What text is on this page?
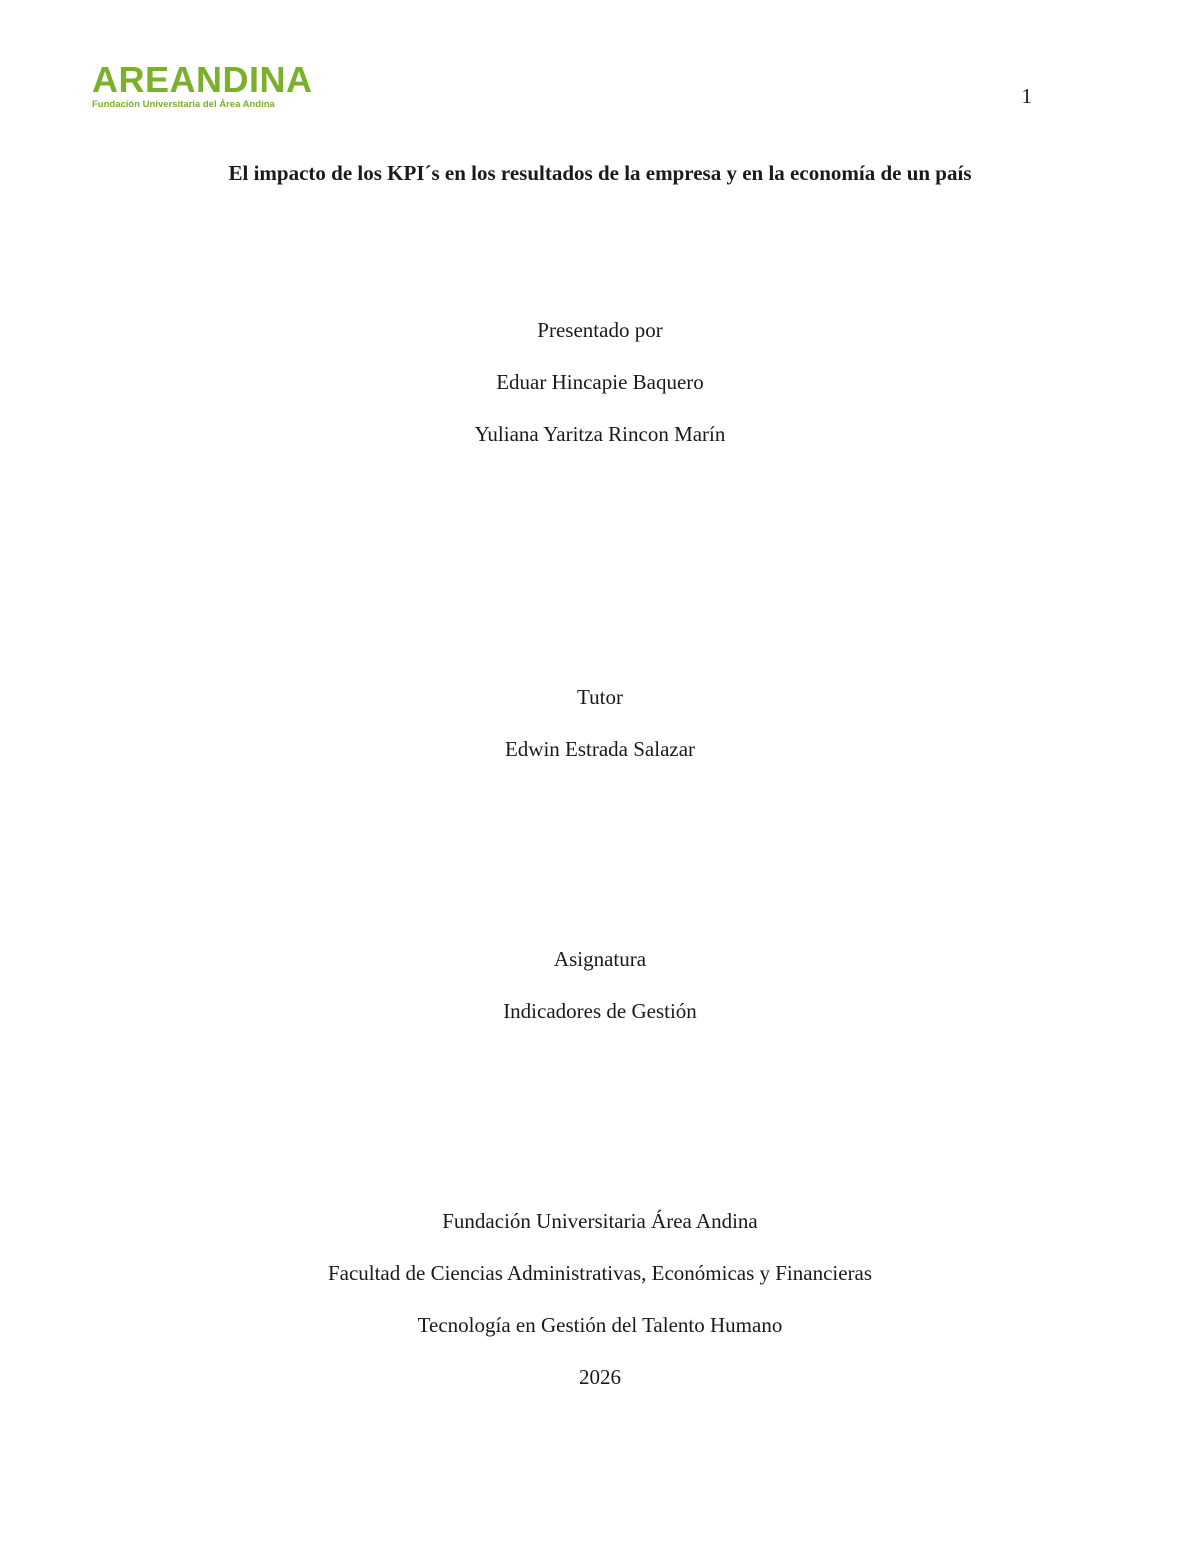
AREANDINA
Fundación Universitaria del Área Andina	1
El impacto de los KPI´s en los resultados de la empresa y en la economía de un país
Presentado por
Eduar Hincapie Baquero
Yuliana Yaritza Rincon Marín
Tutor
Edwin Estrada Salazar
Asignatura
Indicadores de Gestión
Fundación Universitaria Área Andina
Facultad de Ciencias Administrativas, Económicas y Financieras
Tecnología en Gestión del Talento Humano
2026
